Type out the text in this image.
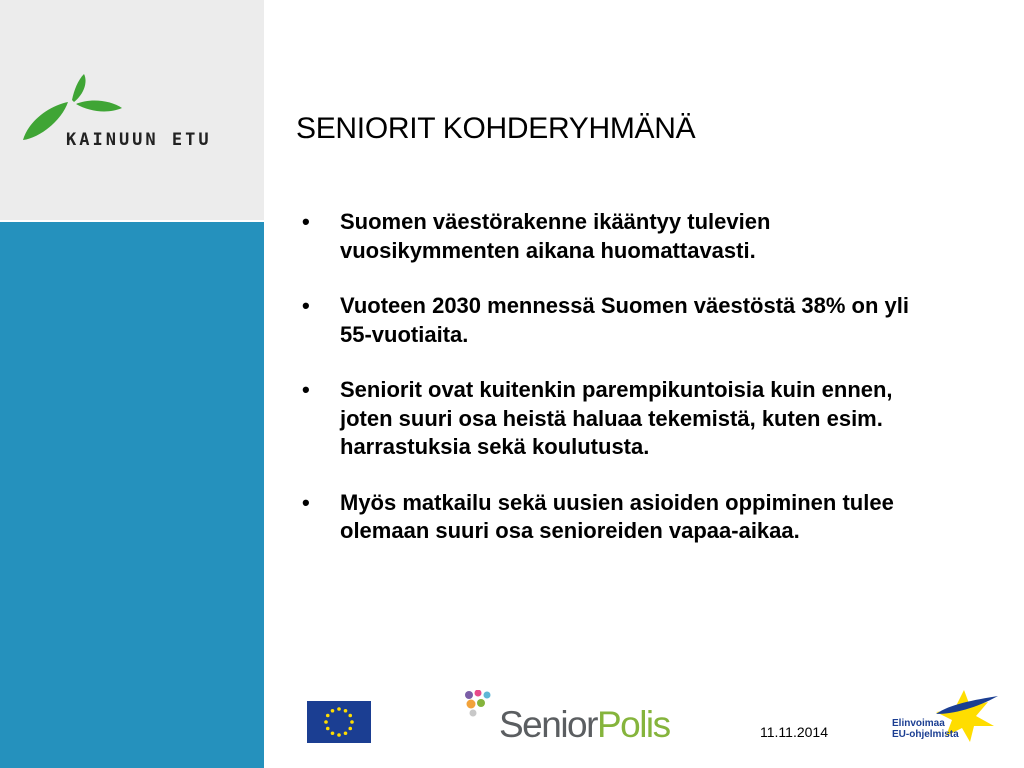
KAINUUN ETU	SENIORIT KOHDERYHMÄNÄ
• Suomen väestörakenne ikääntyy tulevien vuosikymmenten aikana huomattavasti.
• Vuoteen 2030 mennessä Suomen väestöstä 38% on yli 55-vuotiaita.
• Seniorit ovat kuitenkin parempikuntoisia kuin ennen, joten suuri osa heistä haluaa tekemistä, kuten esim. harrastuksia sekä koulutusta.
• Myös matkailu sekä uusien asioiden oppiminen tulee olemaan suuri osa senioreiden vapaa-aikaa.
SeniorPolis	11.11.2014
Elinvoimaa
EU-ohjelmista
